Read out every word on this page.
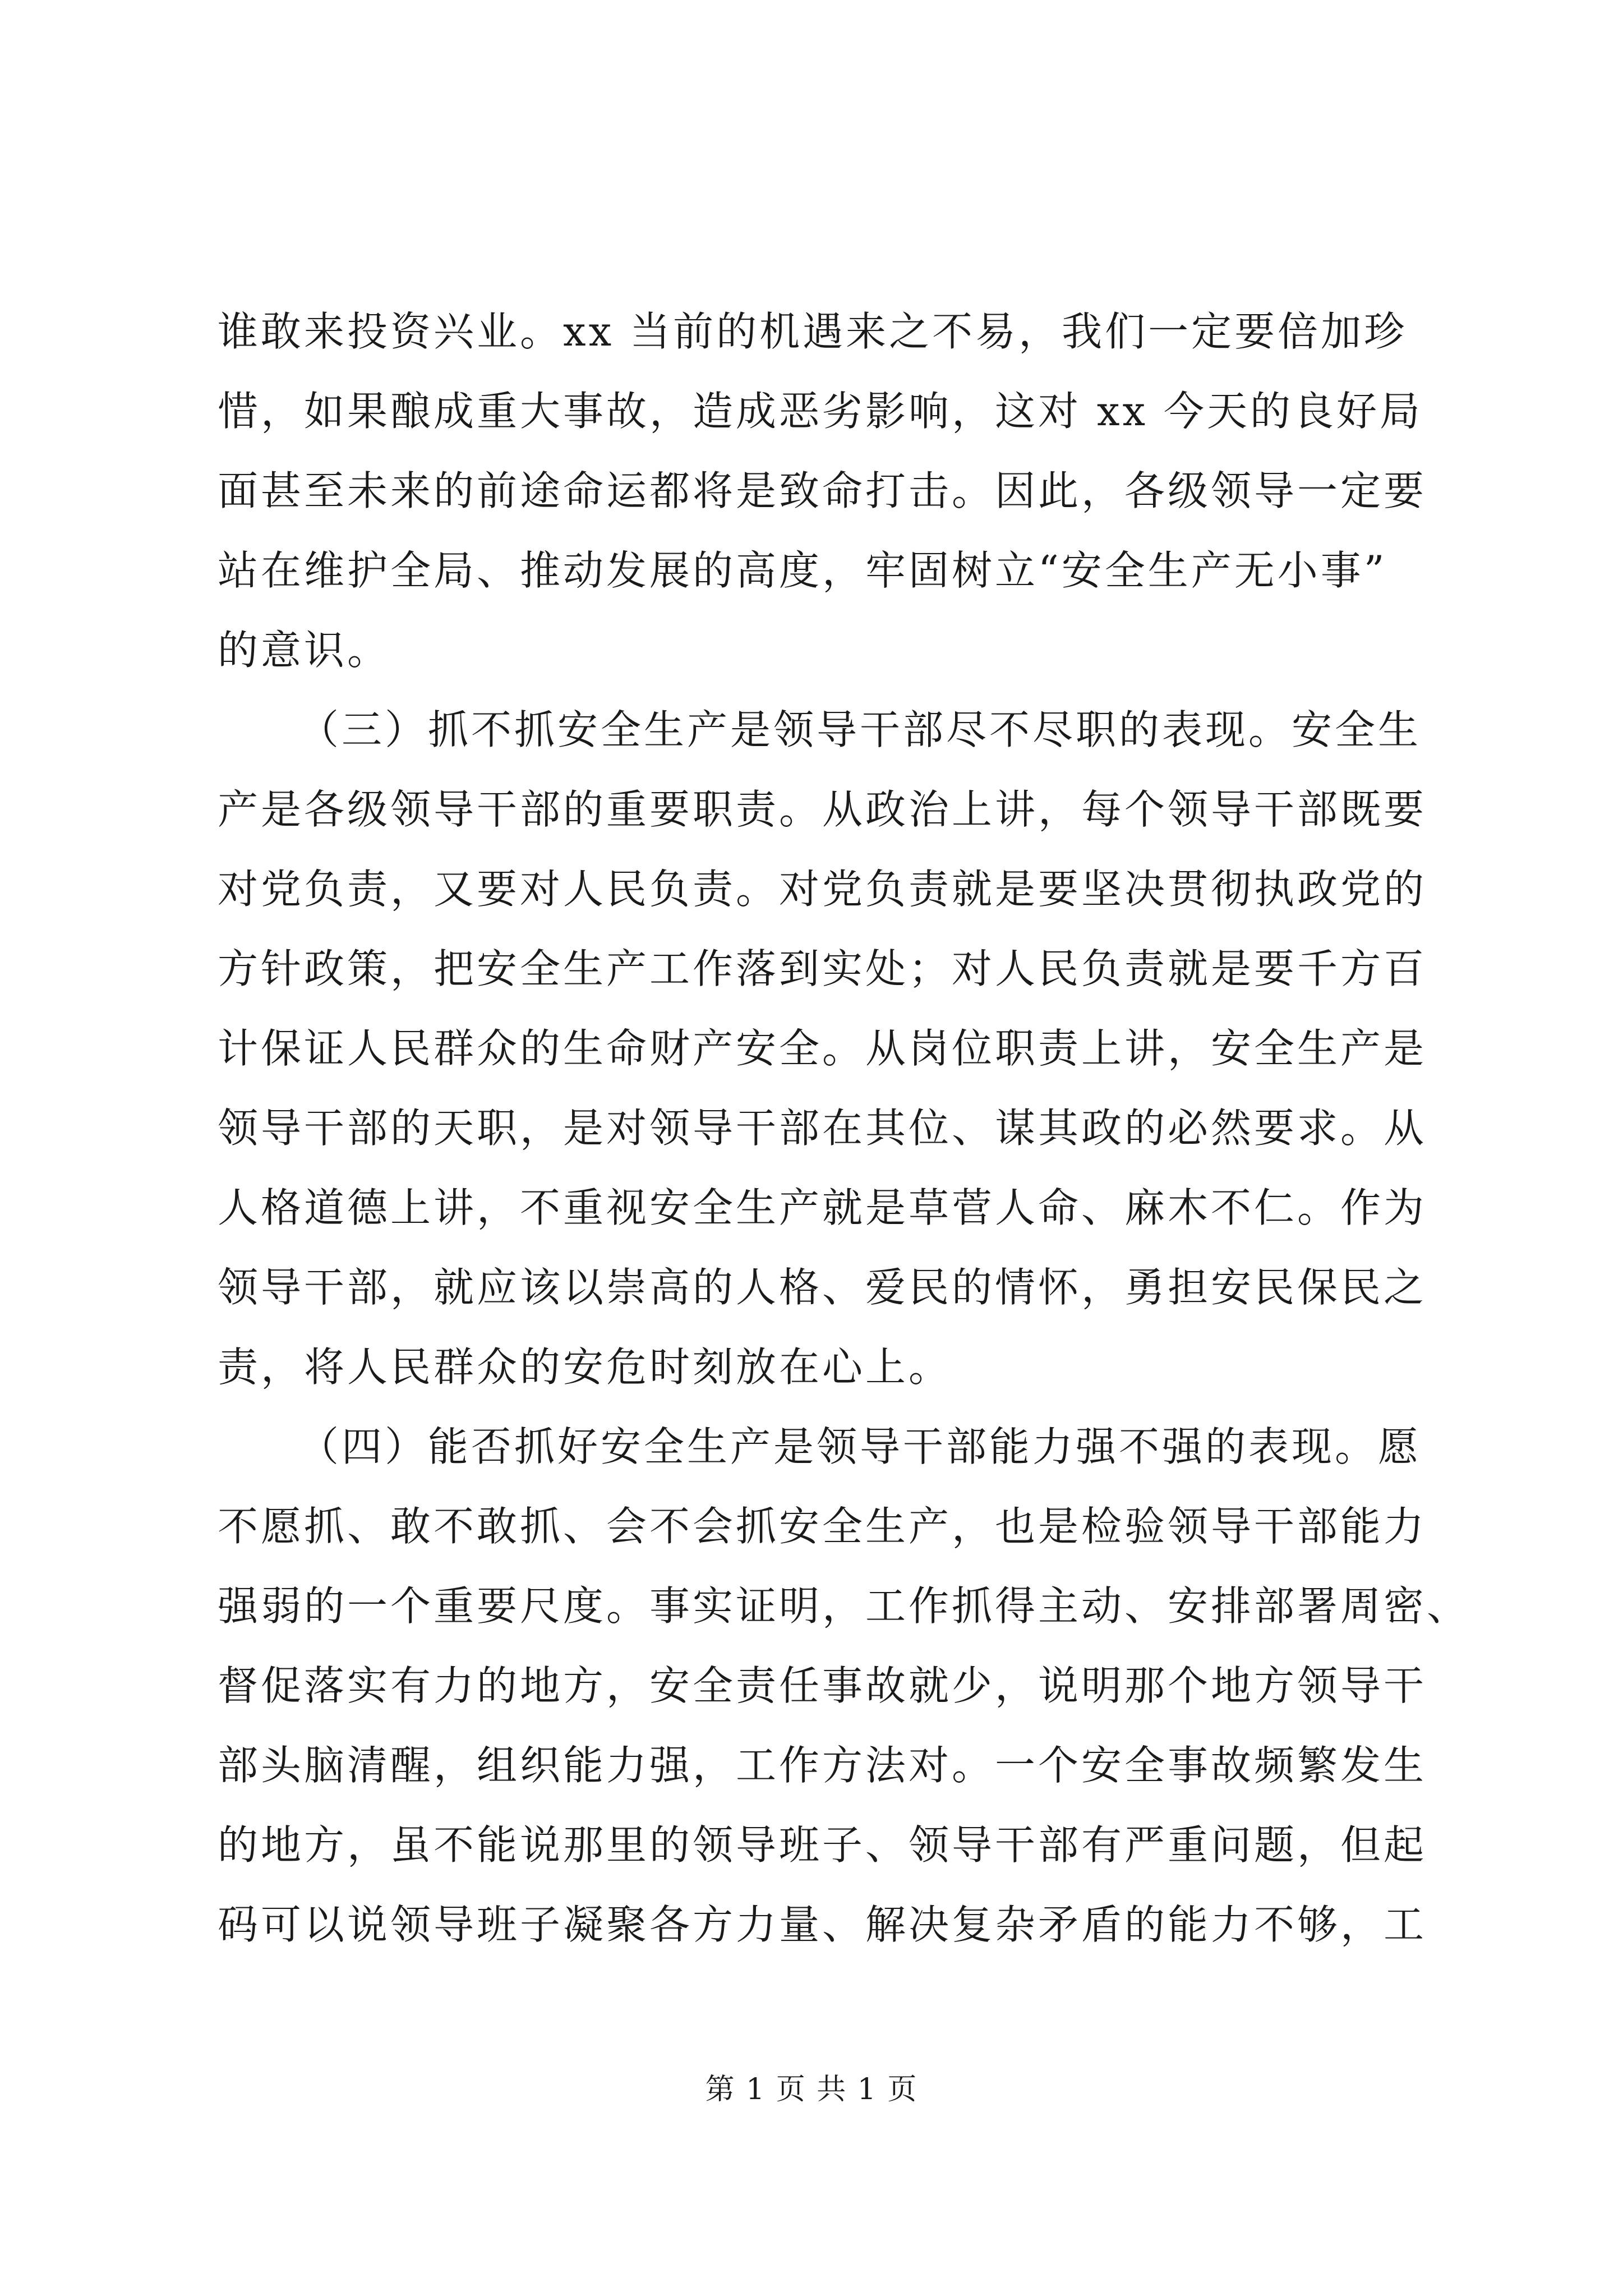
谁敢来投资兴业。xx 当前的机遇来之不易，我们一定要倍加珍
惜，如果酿成重大事故，造成恶劣影响，这对 xx 今天的良好局
面甚至未来的前途命运都将是致命打击。因此，各级领导一定要
站在维护全局、推动发展的高度，牢固树立“安全生产无小事”
的意识。
（三）抓不抓安全生产是领导干部尽不尽职的表现。安全生
产是各级领导干部的重要职责。从政治上讲，每个领导干部既要
对党负责，又要对人民负责。对党负责就是要坚决贯彻执政党的
方针政策，把安全生产工作落到实处；对人民负责就是要千方百
计保证人民群众的生命财产安全。从岗位职责上讲，安全生产是
领导干部的天职，是对领导干部在其位、谋其政的必然要求。从
人格道德上讲，不重视安全生产就是草菅人命、麻木不仁。作为
领导干部，就应该以崇高的人格、爱民的情怀，勇担安民保民之
责，将人民群众的安危时刻放在心上。
（四）能否抓好安全生产是领导干部能力强不强的表现。愿
不愿抓、敢不敢抓、会不会抓安全生产，也是检验领导干部能力
强弱的一个重要尺度。事实证明，工作抓得主动、安排部署周密、
督促落实有力的地方，安全责任事故就少，说明那个地方领导干
部头脑清醒，组织能力强，工作方法对。一个安全事故频繁发生
的地方，虽不能说那里的领导班子、领导干部有严重问题，但起
码可以说领导班子凝聚各方力量、解决复杂矛盾的能力不够，工
第 1 页 共 1 页
